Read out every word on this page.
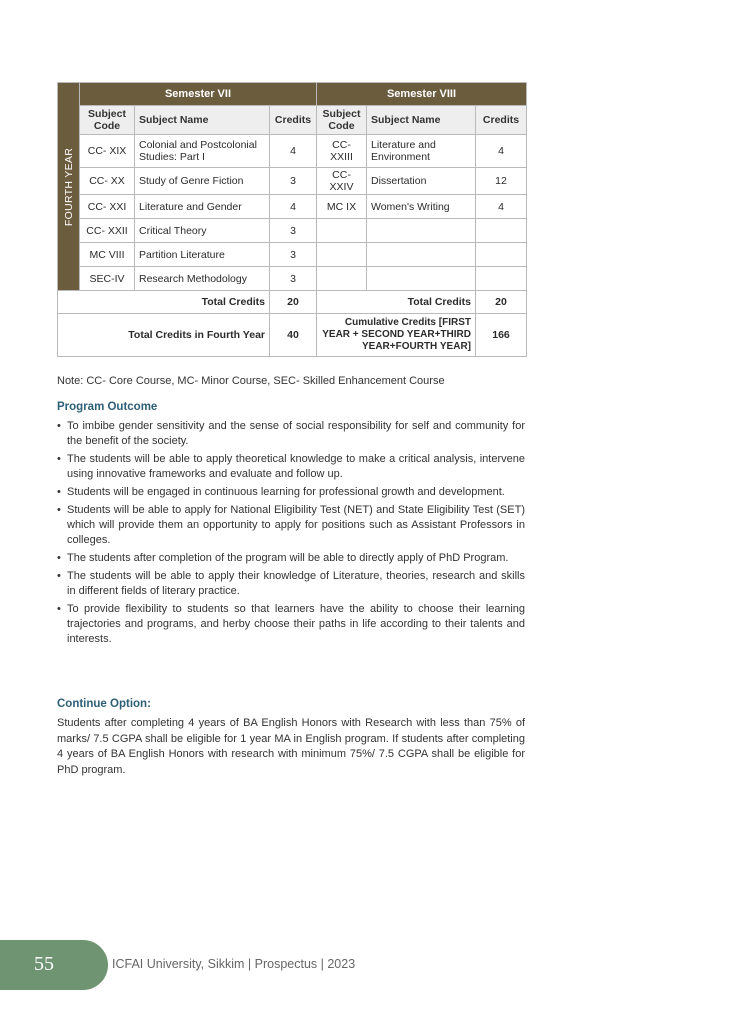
FOURTH YEAR	Semester VII			Semester VIII		
	Subject Code	Subject Name	Credits	Subject Code	Subject Name	Credits
	CC- XIX	Colonial and Postcolonial Studies: Part I	4	CC-XXIII	Literature and Environment	4
	CC- XX	Study of Genre Fiction	3	CC-XXIV	Dissertation	12
	CC- XXI	Literature and Gender	4	MC IX	Women's Writing	4
	CC- XXII	Critical Theory	3			
	MC VIII	Partition Literature	3			
	SEC-IV	Research Methodology	3			
Total Credits			20	Total Credits		20
Total Credits in Fourth Year			40	Cumulative Credits [FIRST YEAR + SECOND YEAR+THIRD YEAR+FOURTH YEAR]		166
Note: CC- Core Course, MC- Minor Course, SEC- Skilled Enhancement Course
Program Outcome
• To imbibe gender sensitivity and the sense of social responsibility for self and community for the benefit of the society.
• The students will be able to apply theoretical knowledge to make a critical analysis, intervene using innovative frameworks and evaluate and follow up.
• Students will be engaged in continuous learning for professional growth and development.
• Students will be able to apply for National Eligibility Test (NET) and State Eligibility Test (SET) which will provide them an opportunity to apply for positions such as Assistant Professors in colleges.
• The students after completion of the program will be able to directly apply of PhD Program.
• The students will be able to apply their knowledge of Literature, theories, research and skills in different fields of literary practice.
• To provide flexibility to students so that learners have the ability to choose their learning trajectories and programs, and herby choose their paths in life according to their talents and interests.
Continue Option:
Students after completing 4 years of BA English Honors with Research with less than 75% of marks/ 7.5 CGPA shall be eligible for 1 year MA in English program. If students after completing 4 years of BA English Honors with research with minimum 75%/ 7.5 CGPA shall be eligible for PhD program.
55	ICFAI University, Sikkim | Prospectus | 2023
